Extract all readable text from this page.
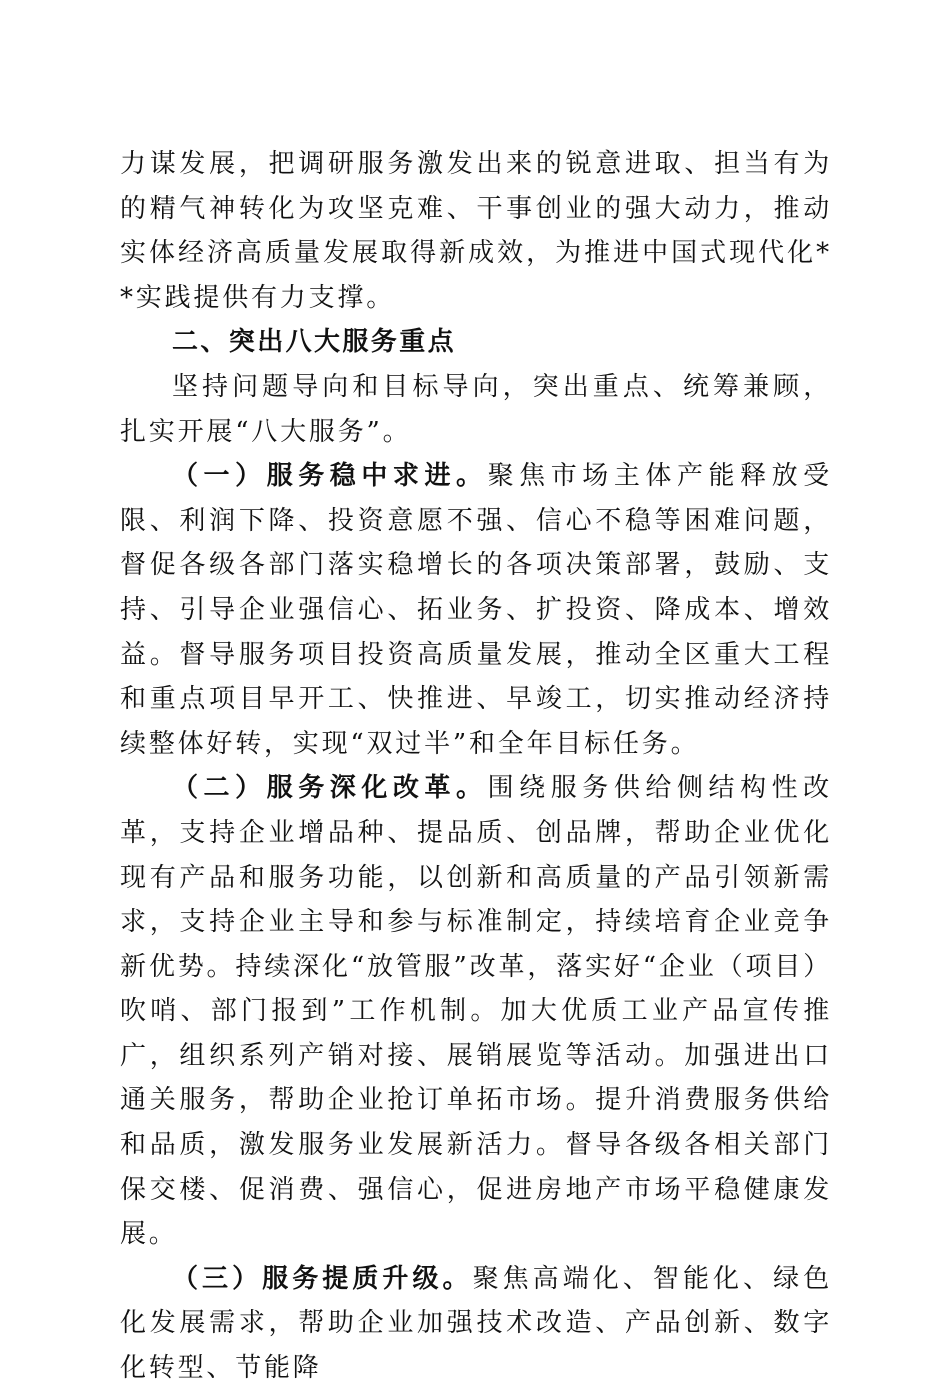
力谋发展，把调研服务激发出来的锐意进取、担当有为的精气神转化为攻坚克难、干事创业的强大动力，推动实体经济高质量发展取得新成效，为推进中国式现代化**实践提供有力支撑。

二、突出八大服务重点

坚持问题导向和目标导向，突出重点、统筹兼顾，扎实开展“八大服务”。

（一）服务稳中求进。聚焦市场主体产能释放受限、利润下降、投资意愿不强、信心不稳等困难问题，督促各级各部门落实稳增长的各项决策部署，鼓励、支持、引导企业强信心、拓业务、扩投资、降成本、增效益。督导服务项目投资高质量发展，推动全区重大工程和重点项目早开工、快推进、早竣工，切实推动经济持续整体好转，实现“双过半”和全年目标任务。

（二）服务深化改革。围绕服务供给侧结构性改革，支持企业增品种、提品质、创品牌，帮助企业优化现有产品和服务功能，以创新和高质量的产品引领新需求，支持企业主导和参与标准制定，持续培育企业竞争新优势。持续深化“放管服”改革，落实好“企业（项目）吹哨、部门报到”工作机制。加大优质工业产品宣传推广，组织系列产销对接、展销展览等活动。加强进出口通关服务，帮助企业抢订单拓市场。提升消费服务供给和品质，激发服务业发展新活力。督导各级各相关部门保交楼、促消费、强信心，促进房地产市场平稳健康发展。

（三）服务提质升级。聚焦高端化、智能化、绿色化发展需求，帮助企业加强技术改造、产品创新、数字化转型、节能降
